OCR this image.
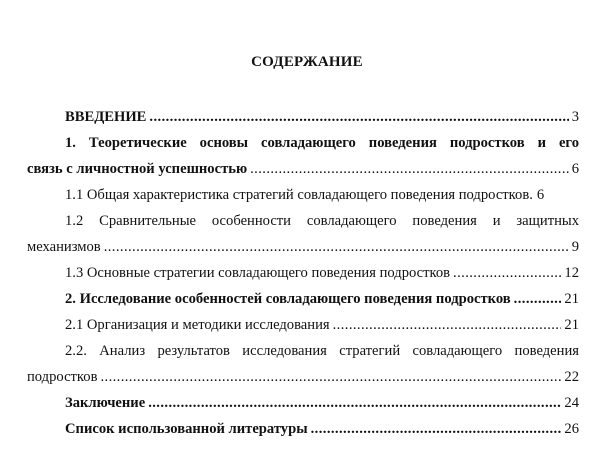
СОДЕРЖАНИЕ
ВВЕДЕНИЕ .....	3
1. Теоретические основы совладающего поведения подростков и его
связь с личностной успешностью .....	6
1.1 Общая характеристика стратегий совладающего поведения подростков. 6
1.2 Сравнительные особенности совладающего поведения и защитных
механизмов .....	9
1.3 Основные стратегии совладающего поведения подростков .....	12
2. Исследование особенностей совладающего поведения подростков .....	21
2.1 Организация и методики исследования .....	21
2.2. Анализ результатов исследования стратегий совладающего поведения
подростков .....	22
Заключение .....	24
Список использованной литературы .....	26
